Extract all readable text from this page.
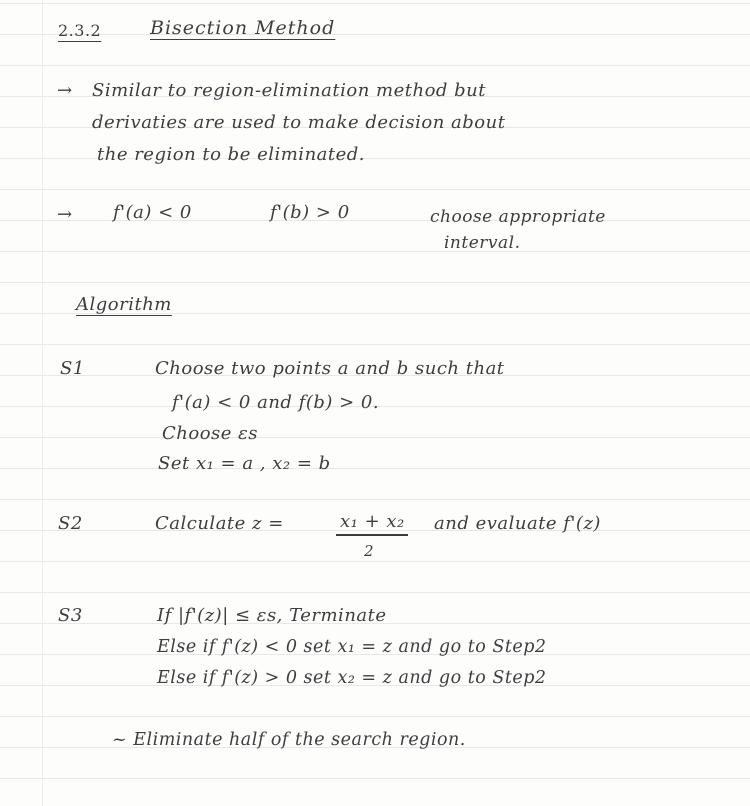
2.3.2	Bisection Method
→ Similar to region-elimination method but
derivaties are used to make decision about
the region to be eliminated.
→ f'(a) < 0	f'(b) > 0	choose appropriate
interval.
Algorithm
S1	Choose two points a and b such that
f'(a) < 0 and f(b) > 0.
Choose εs
Set x₁ = a , x₂ = b
S2	Calculate z =	x₁ + x₂
2
and evaluate f'(z)
S3	If |f'(z)| ≤ εs, Terminate
Else if f'(z) < 0 set x₁ = z and go to Step2
Else if f'(z) > 0 set x₂ = z and go to Step2
~ Eliminate half of the search region.
